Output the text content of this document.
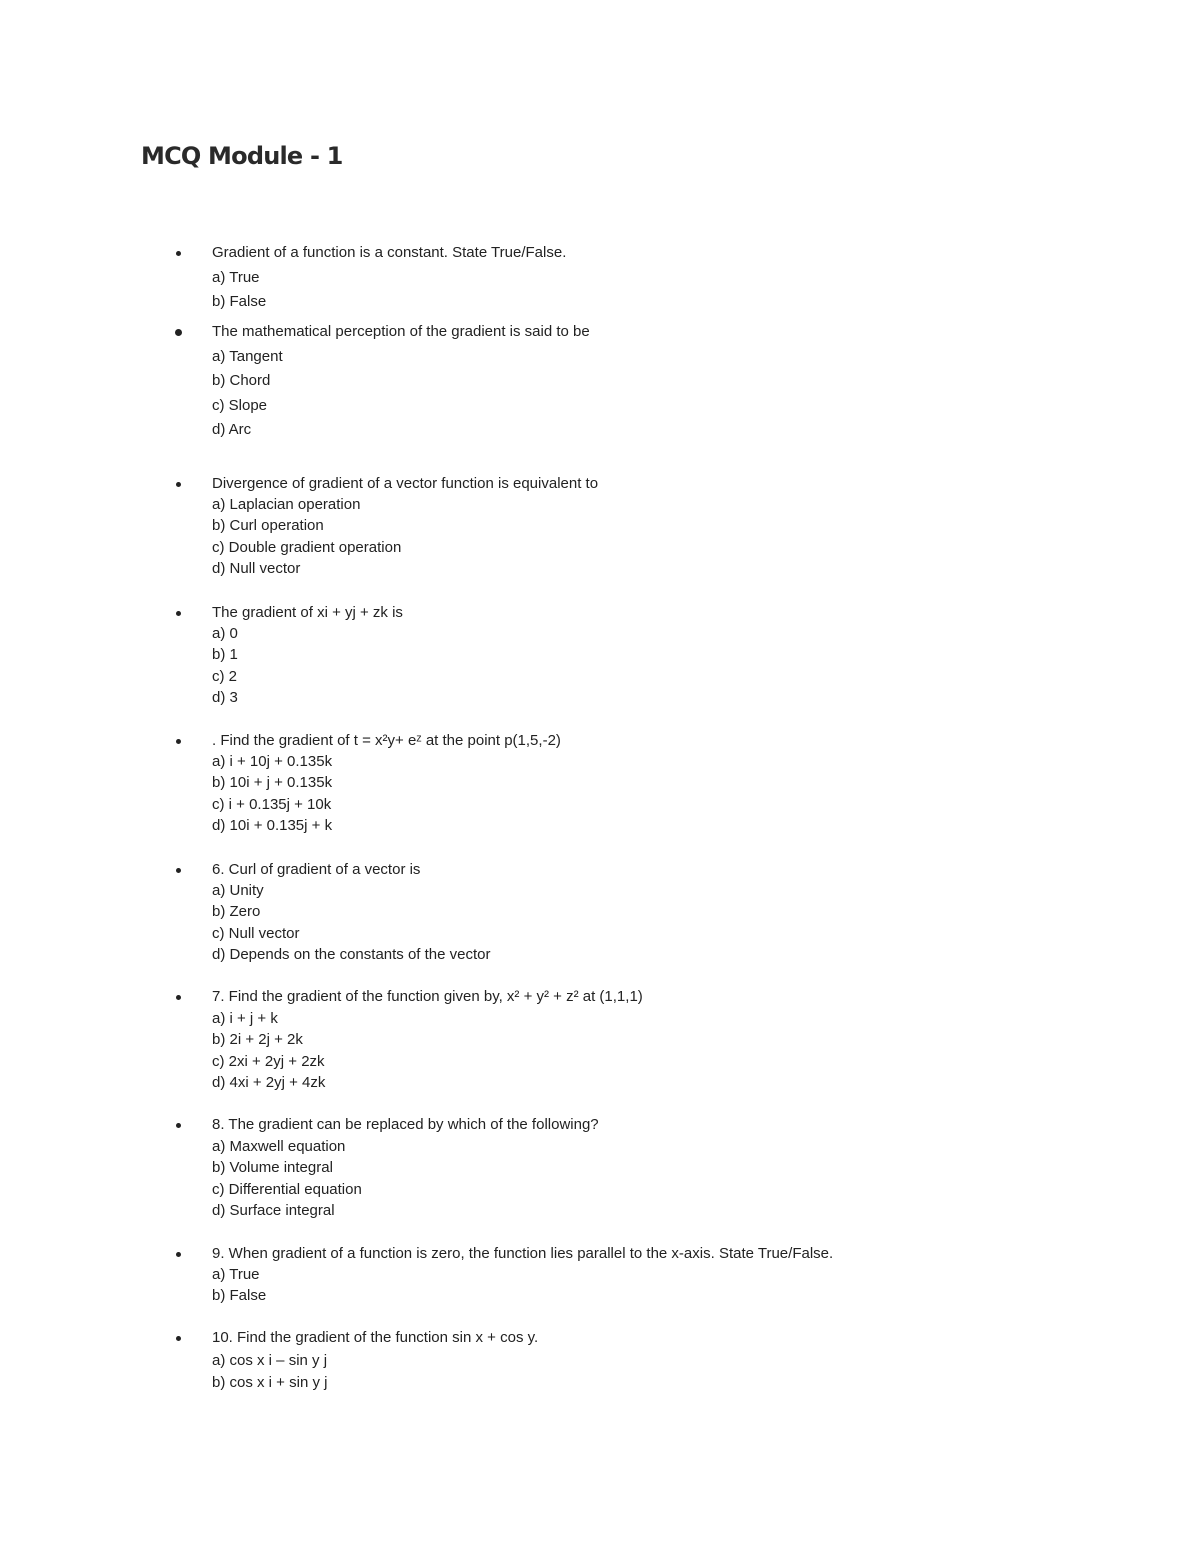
MCQ Module - 1
Gradient of a function is a constant. State True/False.
a) True
b) False
The mathematical perception of the gradient is said to be
a) Tangent
b) Chord
c) Slope
d) Arc
Divergence of gradient of a vector function is equivalent to
a) Laplacian operation
b) Curl operation
c) Double gradient operation
d) Null vector
The gradient of xi + yj + zk is
a) 0
b) 1
c) 2
d) 3
. Find the gradient of t = x²y+ eᶻ at the point p(1,5,-2)
a) i + 10j + 0.135k
b) 10i + j + 0.135k
c) i + 0.135j + 10k
d) 10i + 0.135j + k
6. Curl of gradient of a vector is
a) Unity
b) Zero
c) Null vector
d) Depends on the constants of the vector
7. Find the gradient of the function given by, x² + y² + z² at (1,1,1)
a) i + j + k
b) 2i + 2j + 2k
c) 2xi + 2yj + 2zk
d) 4xi + 2yj + 4zk
8. The gradient can be replaced by which of the following?
a) Maxwell equation
b) Volume integral
c) Differential equation
d) Surface integral
9. When gradient of a function is zero, the function lies parallel to the x-axis. State True/False.
a) True
b) False
10. Find the gradient of the function sin x + cos y.
a) cos x i – sin y j
b) cos x i + sin y j
